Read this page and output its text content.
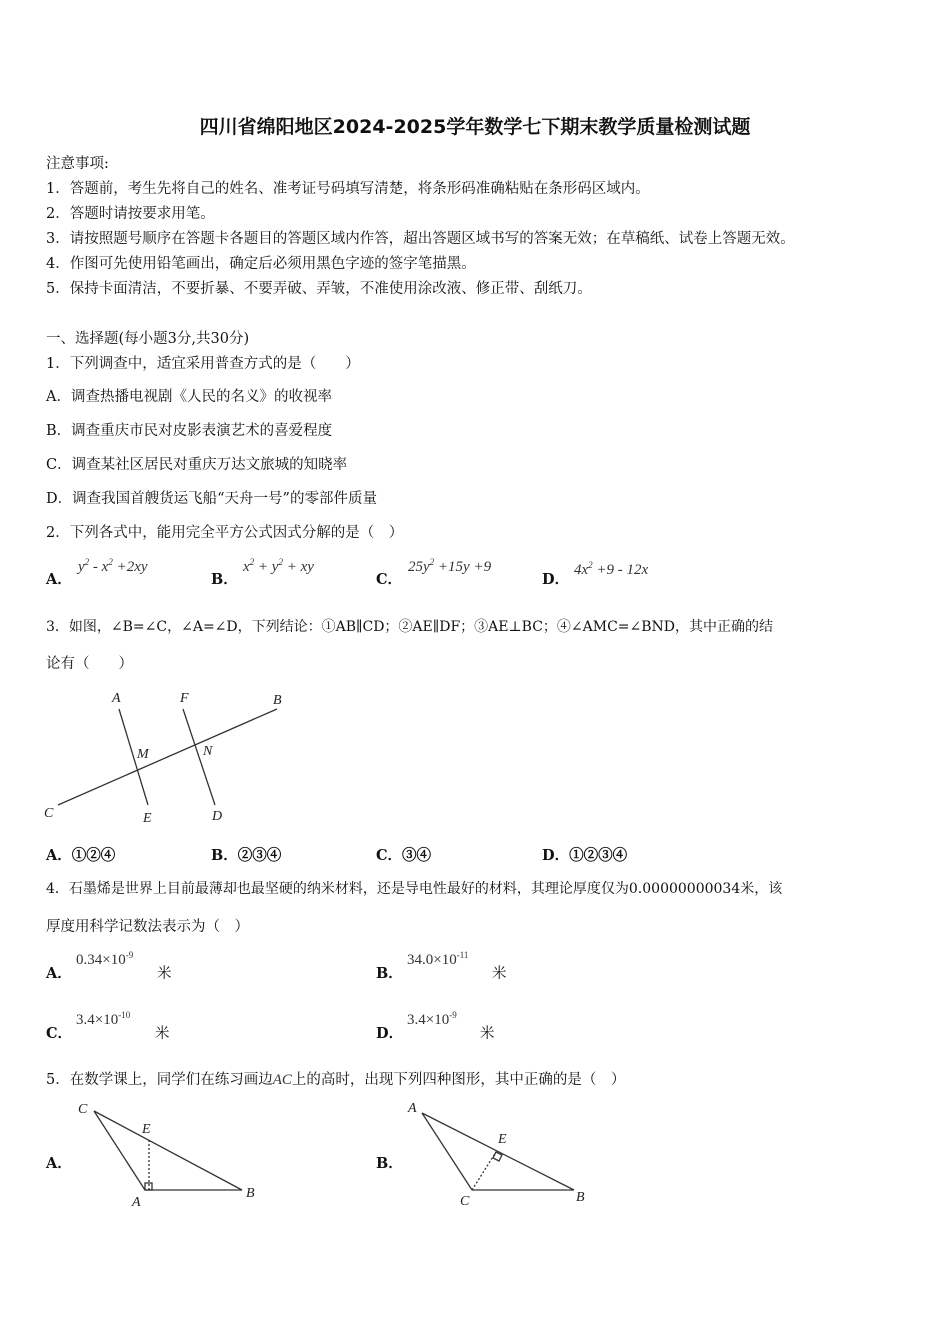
四川省绵阳地区2024-2025学年数学七下期末教学质量检测试题
注意事项:
1．答题前，考生先将自己的姓名、准考证号码填写清楚，将条形码准确粘贴在条形码区域内。
2．答题时请按要求用笔。
3．请按照题号顺序在答题卡各题目的答题区域内作答，超出答题区域书写的答案无效；在草稿纸、试卷上答题无效。
4．作图可先使用铅笔画出，确定后必须用黑色字迹的签字笔描黑。
5．保持卡面清洁，不要折暴、不要弄破、弄皱，不准使用涂改液、修正带、刮纸刀。
一、选择题(每小题3分,共30分)
1．下列调查中，适宜采用普查方式的是（　　）
A．调查热播电视剧《人民的名义》的收视率
B．调查重庆市民对皮影表演艺术的喜爱程度
C．调查某社区居民对重庆万达文旅城的知晓率
D．调查我国首艘货运飞船“天舟一号”的零部件质量
2．下列各式中，能用完全平方公式因式分解的是（　）
A．
$y^2 - x^2 +2xy$
B．
$x^2 + y^2$ + xy
C．
$25y^2 +15y +9$
D．
$4x^2 +9 - 12x$
3．如图，∠B=∠C，∠A=∠D，下列结论：①AB∥CD；②AE∥DF；③AE⊥BC；④∠AMC=∠BND，其中正确的结
论有（　　）
A	F	B
M	N
C	E	D
A．①②④	B．②③④	C．③④	D．①②③④
4．石墨烯是世界上目前最薄却也最坚硬的纳米材料，还是导电性最好的材料，其理论厚度仅为0.00000000034米，该
厚度用科学记数法表示为（　）
A．
$0.34\times 10^{-9}$
米	B．
$34.0\times 10^{-11}$
米
C．
$3.4\times 10^{-10}$
米	D．
$3.4\times 10^{-9}$
米
5．在数学课上，同学们在练习画边AC上的高时，出现下列四种图形，其中正确的是（　）
A．
C
E
A
B
B．
A
E
C	B
